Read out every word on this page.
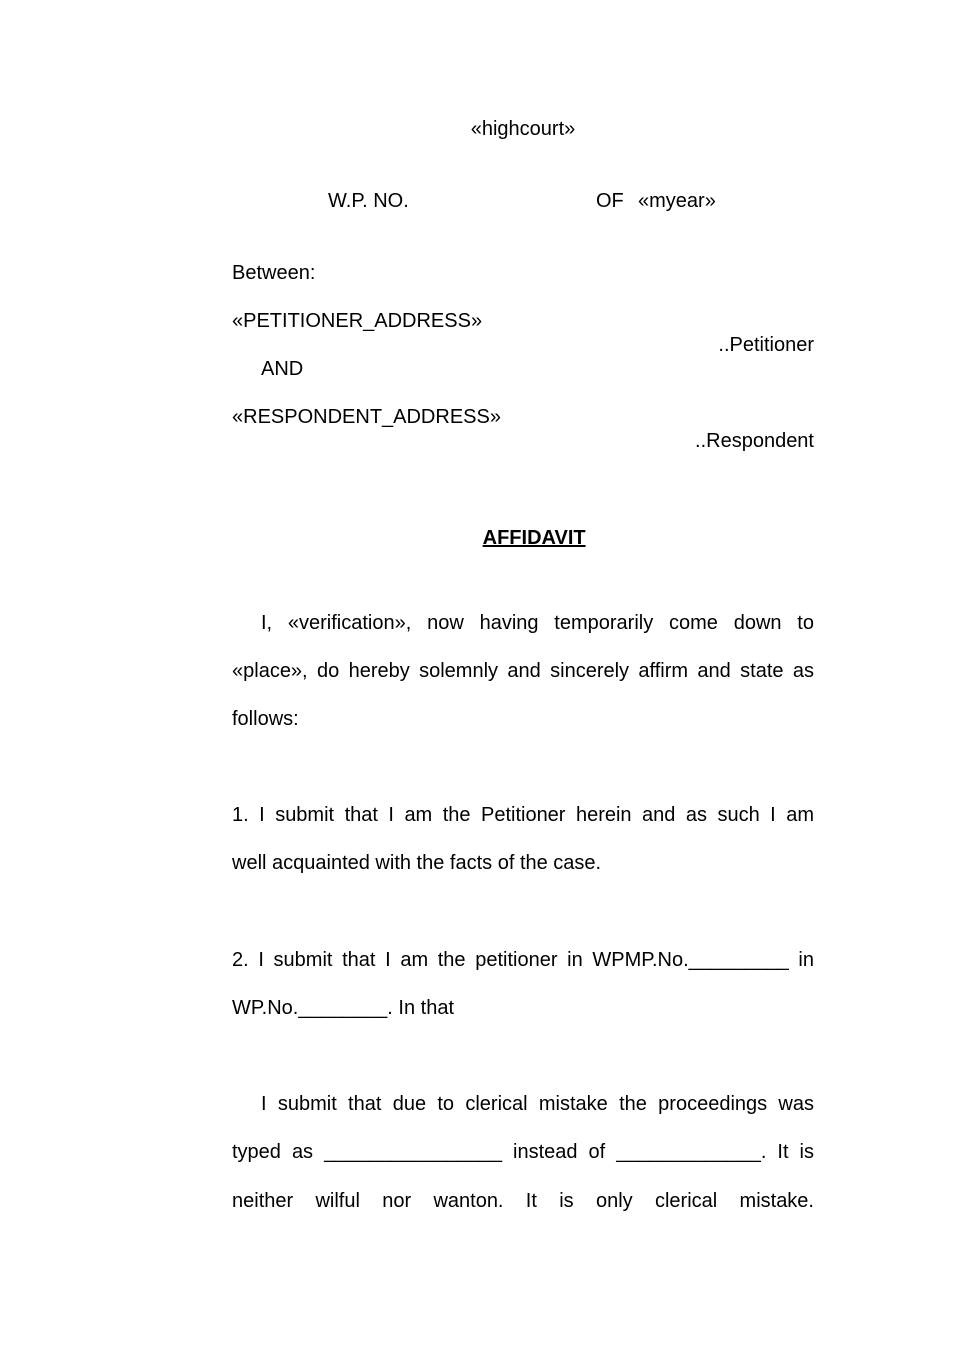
«highcourt»
W.P. NO.	OF «myear»
Between:
«PETITIONER_ADDRESS»
..Petitioner
AND
«RESPONDENT_ADDRESS»
..Respondent

AFFIDAVIT

I, «verification», now having temporarily come down to
«place», do hereby solemnly and sincerely affirm and state as
follows:
1. I submit that I am the Petitioner herein and as such I am
well acquainted with the facts of the case.
2. I submit that I am the petitioner in WPMP.No._________ in
WP.No.________. In that
I submit that due to clerical mistake the proceedings was
typed as ________________ instead of _____________. It is
neither wilful nor wanton. It is only clerical mistake.
